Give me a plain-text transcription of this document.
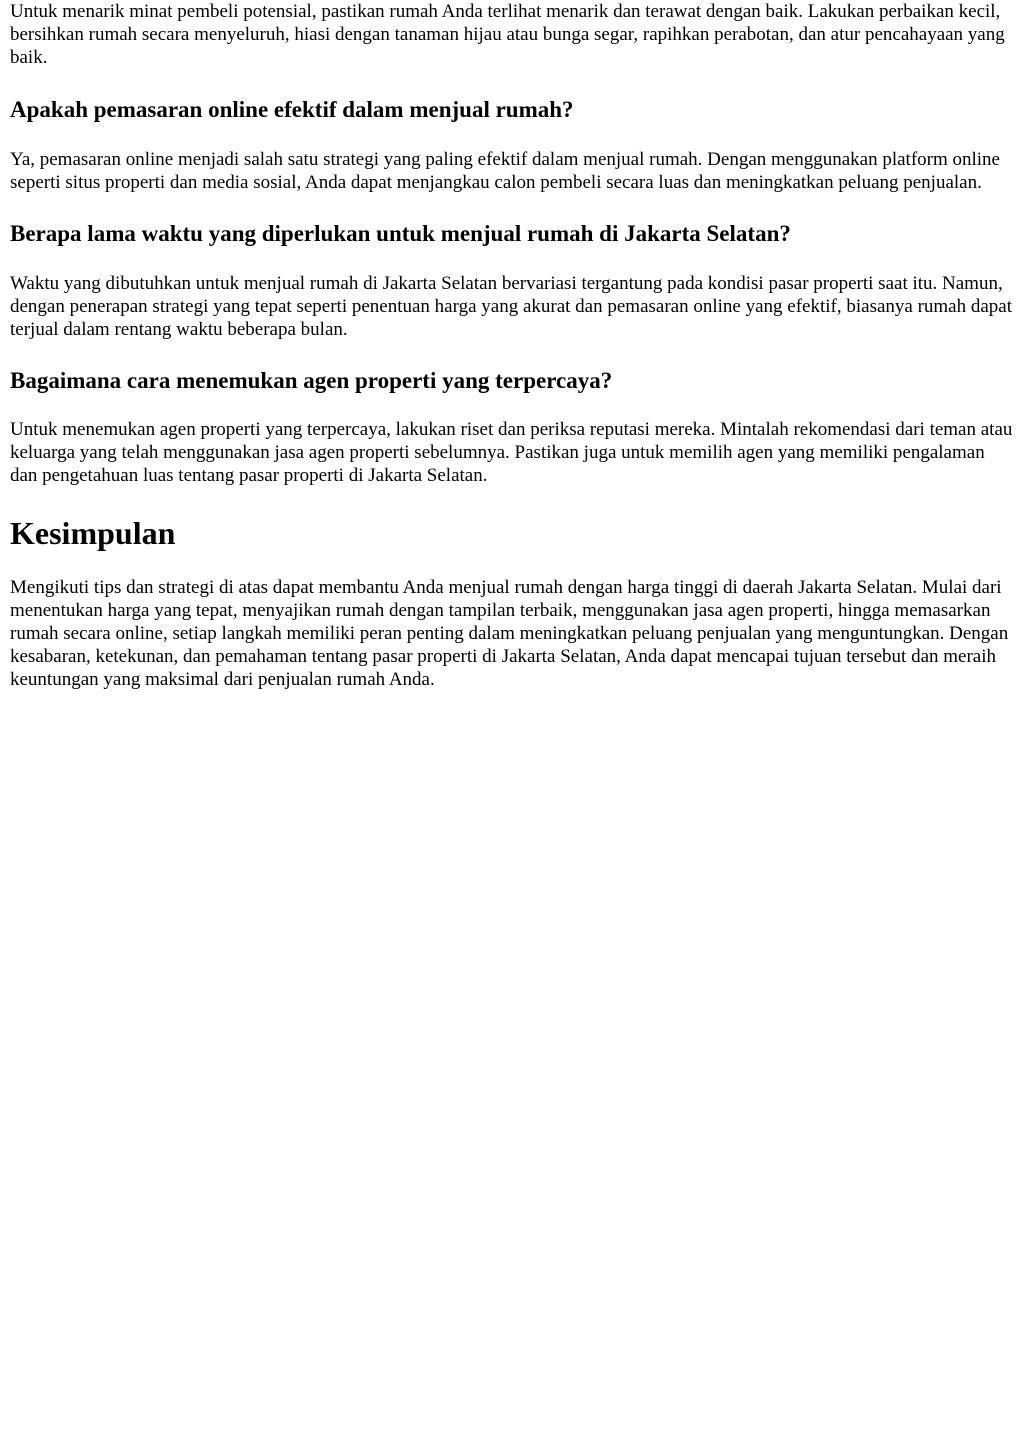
Untuk menarik minat pembeli potensial, pastikan rumah Anda terlihat menarik dan terawat dengan baik. Lakukan perbaikan kecil, bersihkan rumah secara menyeluruh, hiasi dengan tanaman hijau atau bunga segar, rapihkan perabotan, dan atur pencahayaan yang baik.

Apakah pemasaran online efektif dalam menjual rumah?

Ya, pemasaran online menjadi salah satu strategi yang paling efektif dalam menjual rumah. Dengan menggunakan platform online seperti situs properti dan media sosial, Anda dapat menjangkau calon pembeli secara luas dan meningkatkan peluang penjualan.

Berapa lama waktu yang diperlukan untuk menjual rumah di Jakarta Selatan?

Waktu yang dibutuhkan untuk menjual rumah di Jakarta Selatan bervariasi tergantung pada kondisi pasar properti saat itu. Namun, dengan penerapan strategi yang tepat seperti penentuan harga yang akurat dan pemasaran online yang efektif, biasanya rumah dapat terjual dalam rentang waktu beberapa bulan.

Bagaimana cara menemukan agen properti yang terpercaya?

Untuk menemukan agen properti yang terpercaya, lakukan riset dan periksa reputasi mereka. Mintalah rekomendasi dari teman atau keluarga yang telah menggunakan jasa agen properti sebelumnya. Pastikan juga untuk memilih agen yang memiliki pengalaman dan pengetahuan luas tentang pasar properti di Jakarta Selatan.

Kesimpulan

Mengikuti tips dan strategi di atas dapat membantu Anda menjual rumah dengan harga tinggi di daerah Jakarta Selatan. Mulai dari menentukan harga yang tepat, menyajikan rumah dengan tampilan terbaik, menggunakan jasa agen properti, hingga memasarkan rumah secara online, setiap langkah memiliki peran penting dalam meningkatkan peluang penjualan yang menguntungkan. Dengan kesabaran, ketekunan, dan pemahaman tentang pasar properti di Jakarta Selatan, Anda dapat mencapai tujuan tersebut dan meraih keuntungan yang maksimal dari penjualan rumah Anda.
